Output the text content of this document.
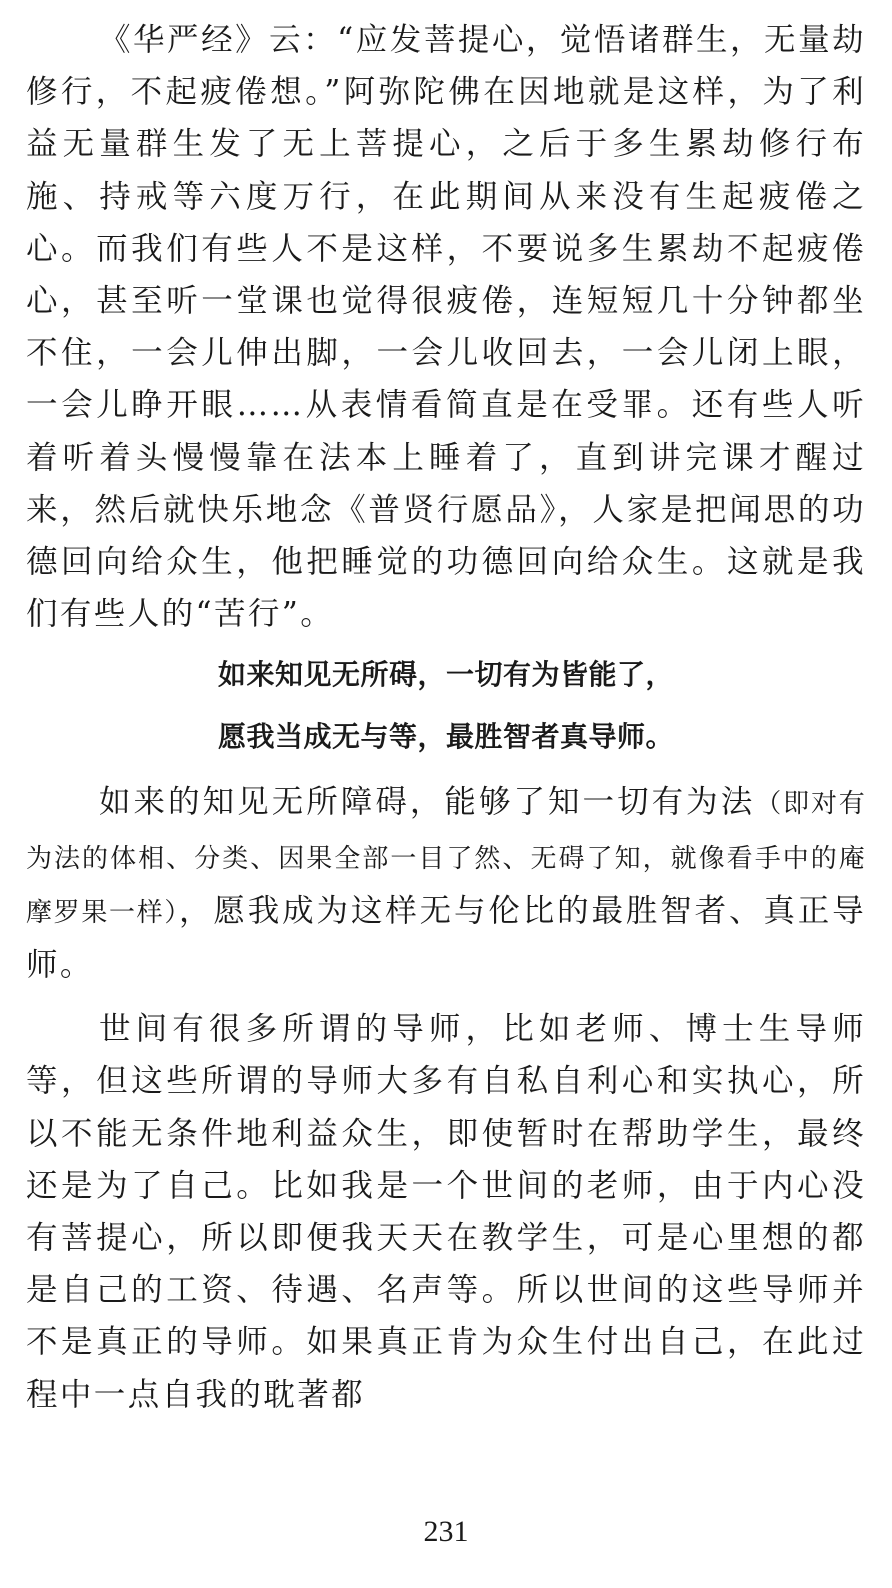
《华严经》云：“应发菩提心，觉悟诸群生，无量劫修行，不起疲倦想。”阿弥陀佛在因地就是这样，为了利益无量群生发了无上菩提心，之后于多生累劫修行布施、持戒等六度万行，在此期间从来没有生起疲倦之心。而我们有些人不是这样，不要说多生累劫不起疲倦心，甚至听一堂课也觉得很疲倦，连短短几十分钟都坐不住，一会儿伸出脚，一会儿收回去，一会儿闭上眼，一会儿睁开眼……从表情看简直是在受罪。还有些人听着听着头慢慢靠在法本上睡着了，直到讲完课才醒过来，然后就快乐地念《普贤行愿品》，人家是把闻思的功德回向给众生，他把睡觉的功德回向给众生。这就是我们有些人的“苦行”。

如来知见无所碍，一切有为皆能了，

愿我当成无与等，最胜智者真导师。

如来的知见无所障碍，能够了知一切有为法（即对有为法的体相、分类、因果全部一目了然、无碍了知，就像看手中的庵摩罗果一样），愿我成为这样无与伦比的最胜智者、真正导师。

世间有很多所谓的导师，比如老师、博士生导师等，但这些所谓的导师大多有自私自利心和实执心，所以不能无条件地利益众生，即使暂时在帮助学生，最终还是为了自己。比如我是一个世间的老师，由于内心没有菩提心，所以即便我天天在教学生，可是心里想的都是自己的工资、待遇、名声等。所以世间的这些导师并不是真正的导师。如果真正肯为众生付出自己，在此过程中一点自我的耽著都

231
